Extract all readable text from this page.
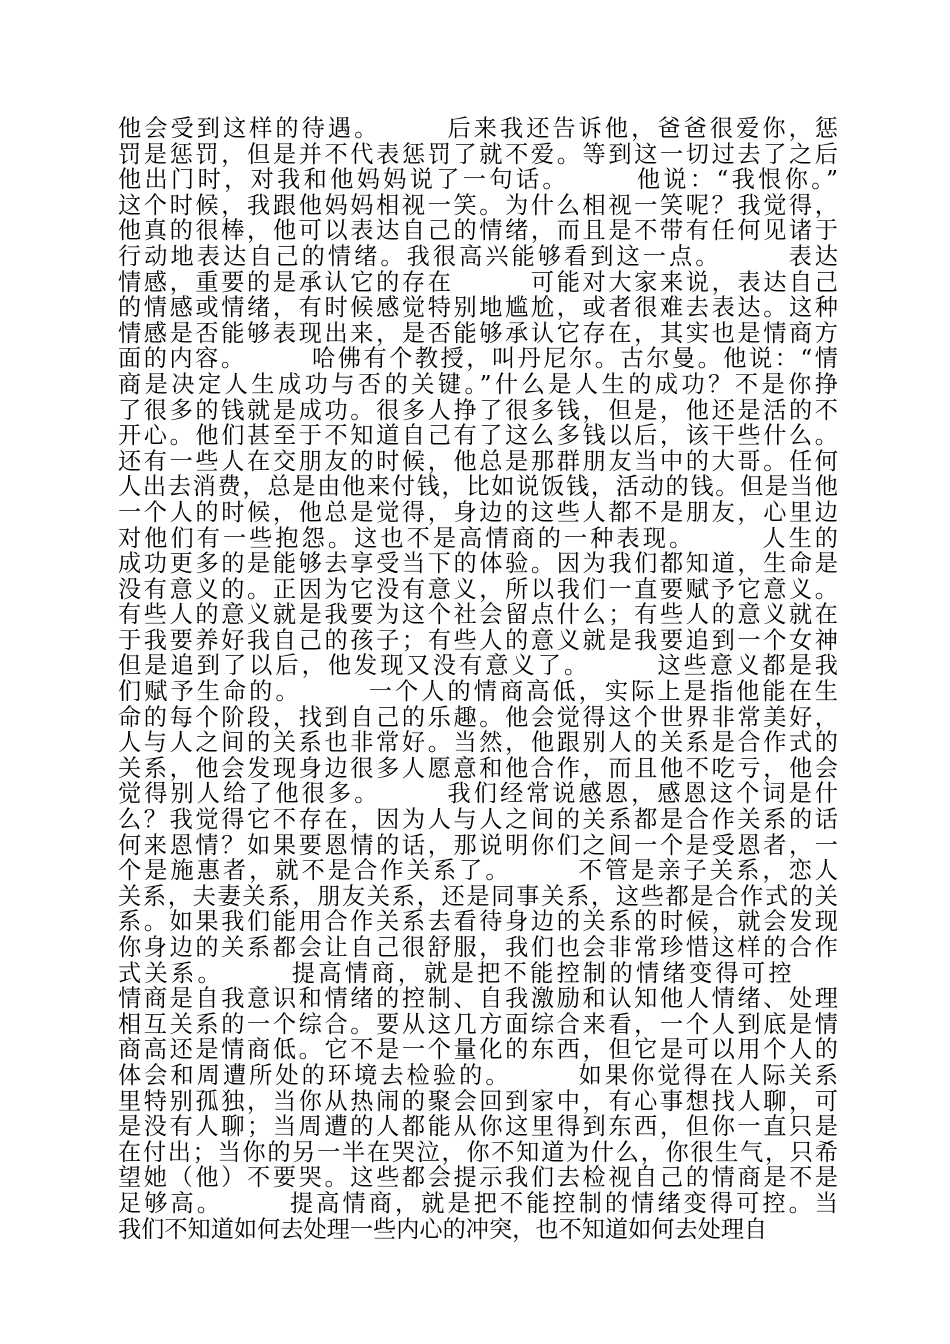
他会受到这样的待遇。　　　后来我还告诉他，爸爸很爱你，惩
罚是惩罚，但是并不代表惩罚了就不爱。等到这一切过去了之后
他出门时，对我和他妈妈说了一句话。　　　他说：“我恨你。”
这个时候，我跟他妈妈相视一笑。为什么相视一笑呢？我觉得，
他真的很棒，他可以表达自己的情绪，而且是不带有任何见诸于
行动地表达自己的情绪。我很高兴能够看到这一点。　　　表达
情感，重要的是承认它的存在　　　可能对大家来说，表达自己
的情感或情绪，有时候感觉特别地尴尬，或者很难去表达。这种
情感是否能够表现出来，是否能够承认它存在，其实也是情商方
面的内容。　　　哈佛有个教授，叫丹尼尔。古尔曼。他说：“情
商是决定人生成功与否的关键。”什么是人生的成功？不是你挣
了很多的钱就是成功。很多人挣了很多钱，但是，他还是活的不
开心。他们甚至于不知道自己有了这么多钱以后，该干些什么。
还有一些人在交朋友的时候，他总是那群朋友当中的大哥。任何
人出去消费，总是由他来付钱，比如说饭钱，活动的钱。但是当他
一个人的时候，他总是觉得，身边的这些人都不是朋友，心里边
对他们有一些抱怨。这也不是高情商的一种表现。　　　人生的
成功更多的是能够去享受当下的体验。因为我们都知道，生命是
没有意义的。正因为它没有意义，所以我们一直要赋予它意义。
有些人的意义就是我要为这个社会留点什么；有些人的意义就在
于我要养好我自己的孩子；有些人的意义就是我要追到一个女神
但是追到了以后，他发现又没有意义了。　　　这些意义都是我
们赋予生命的。　　　一个人的情商高低，实际上是指他能在生
命的每个阶段，找到自己的乐趣。他会觉得这个世界非常美好，
人与人之间的关系也非常好。当然，他跟别人的关系是合作式的
关系，他会发现身边很多人愿意和他合作，而且他不吃亏，他会
觉得别人给了他很多。　　　我们经常说感恩，感恩这个词是什
么？我觉得它不存在，因为人与人之间的关系都是合作关系的话
何来恩情？如果要恩情的话，那说明你们之间一个是受恩者，一
个是施惠者，就不是合作关系了。　　　不管是亲子关系，恋人
关系，夫妻关系，朋友关系，还是同事关系，这些都是合作式的关
系。如果我们能用合作关系去看待身边的关系的时候，就会发现
你身边的关系都会让自己很舒服，我们也会非常珍惜这样的合作
式关系。　　　提高情商，就是把不能控制的情绪变得可控　　
情商是自我意识和情绪的控制、自我激励和认知他人情绪、处理
相互关系的一个综合。要从这几方面综合来看，一个人到底是情
商高还是情商低。它不是一个量化的东西，但它是可以用个人的
体会和周遭所处的环境去检验的。　　　如果你觉得在人际关系
里特别孤独，当你从热闹的聚会回到家中，有心事想找人聊，可
是没有人聊；当周遭的人都能从你这里得到东西，但你一直只是
在付出；当你的另一半在哭泣，你不知道为什么，你很生气，只希
望她（他）不要哭。这些都会提示我们去检视自己的情商是不是
足够高。　　　提高情商，就是把不能控制的情绪变得可控。当
我们不知道如何去处理一些内心的冲突，也不知道如何去处理自
